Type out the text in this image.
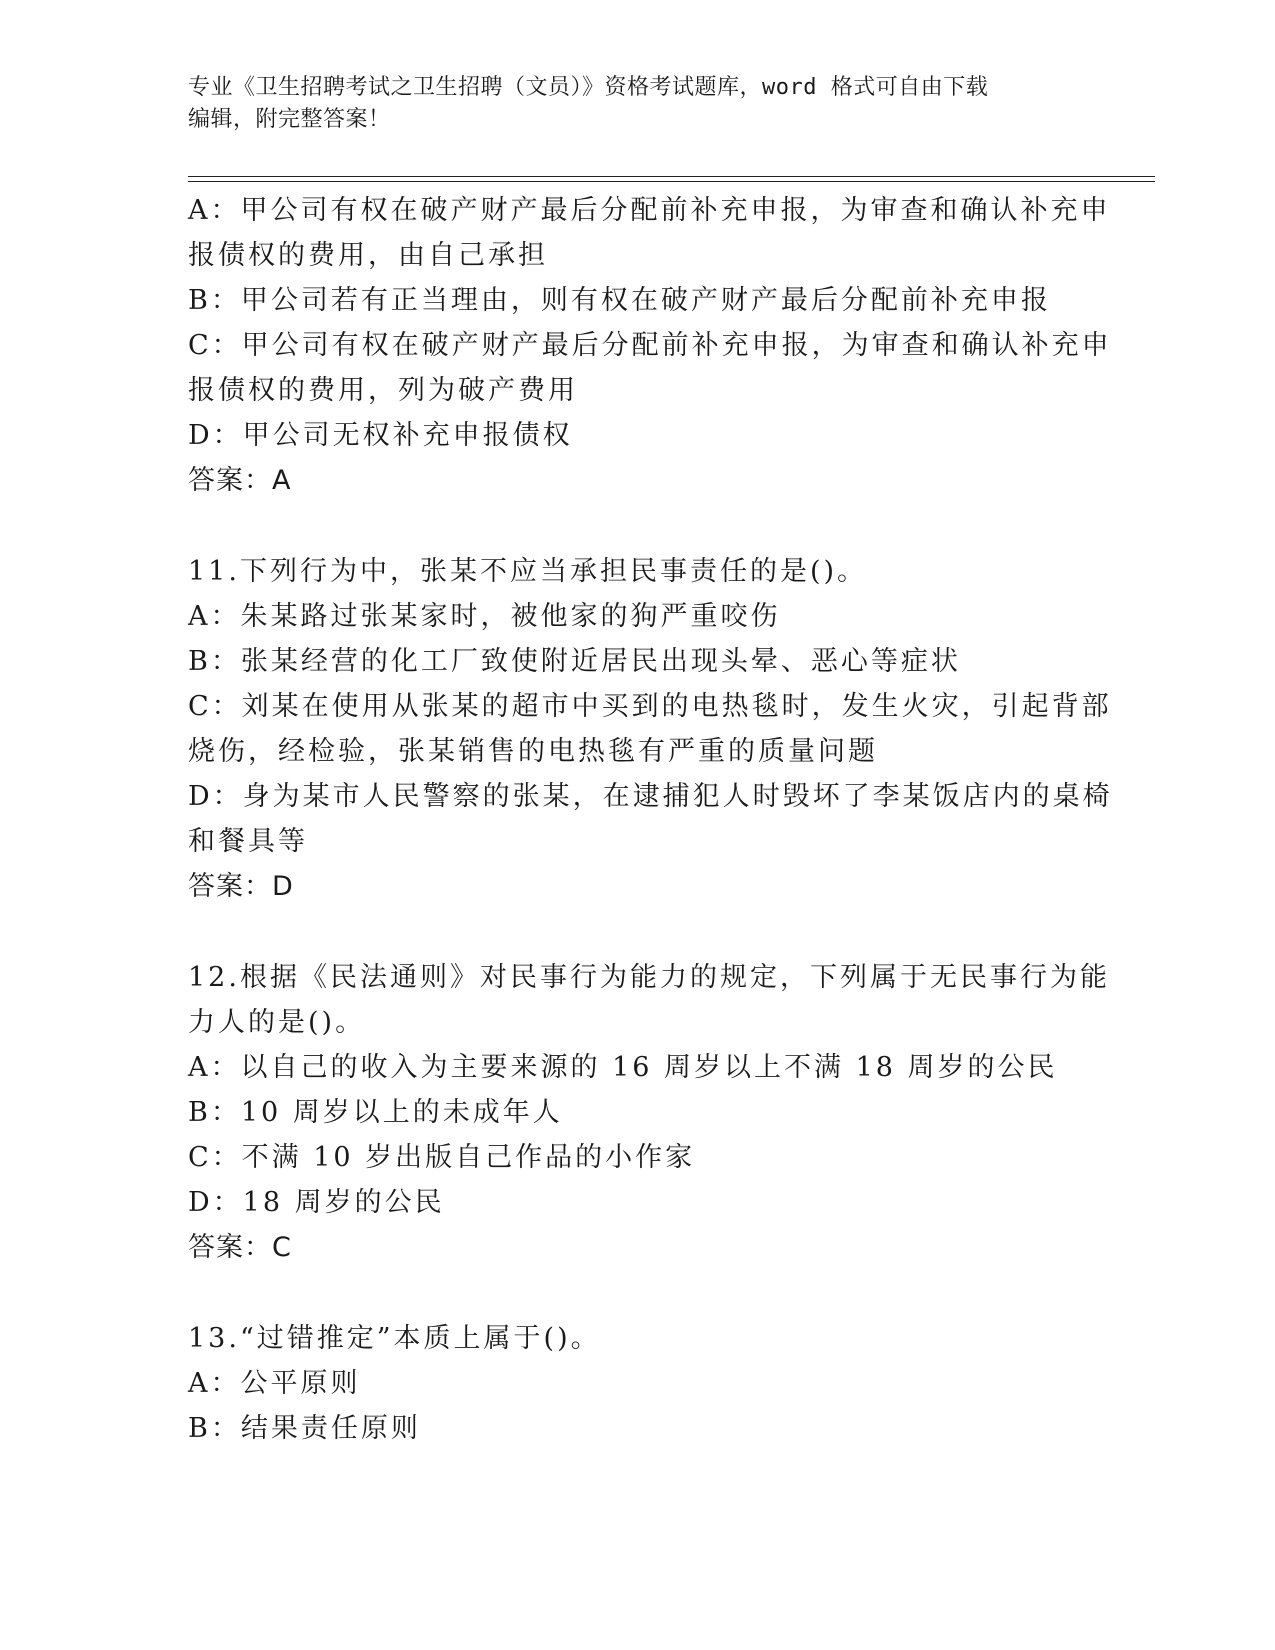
专业《卫生招聘考试之卫生招聘（文员）》资格考试题库，word 格式可自由下载
编辑，附完整答案！
A：甲公司有权在破产财产最后分配前补充申报，为审查和确认补充申
报债权的费用，由自己承担
B：甲公司若有正当理由，则有权在破产财产最后分配前补充申报
C：甲公司有权在破产财产最后分配前补充申报，为审查和确认补充申
报债权的费用，列为破产费用
D：甲公司无权补充申报债权
答案：A
11.下列行为中，张某不应当承担民事责任的是()。
A：朱某路过张某家时，被他家的狗严重咬伤
B：张某经营的化工厂致使附近居民出现头晕、恶心等症状
C：刘某在使用从张某的超市中买到的电热毯时，发生火灾，引起背部
烧伤，经检验，张某销售的电热毯有严重的质量问题
D：身为某市人民警察的张某，在逮捕犯人时毁坏了李某饭店内的桌椅
和餐具等
答案：D
12.根据《民法通则》对民事行为能力的规定，下列属于无民事行为能
力人的是()。
A：以自己的收入为主要来源的 16 周岁以上不满 18 周岁的公民
B：10 周岁以上的未成年人
C：不满 10 岁出版自己作品的小作家
D：18 周岁的公民
答案：C
13.“过错推定”本质上属于()。
A：公平原则
B：结果责任原则
